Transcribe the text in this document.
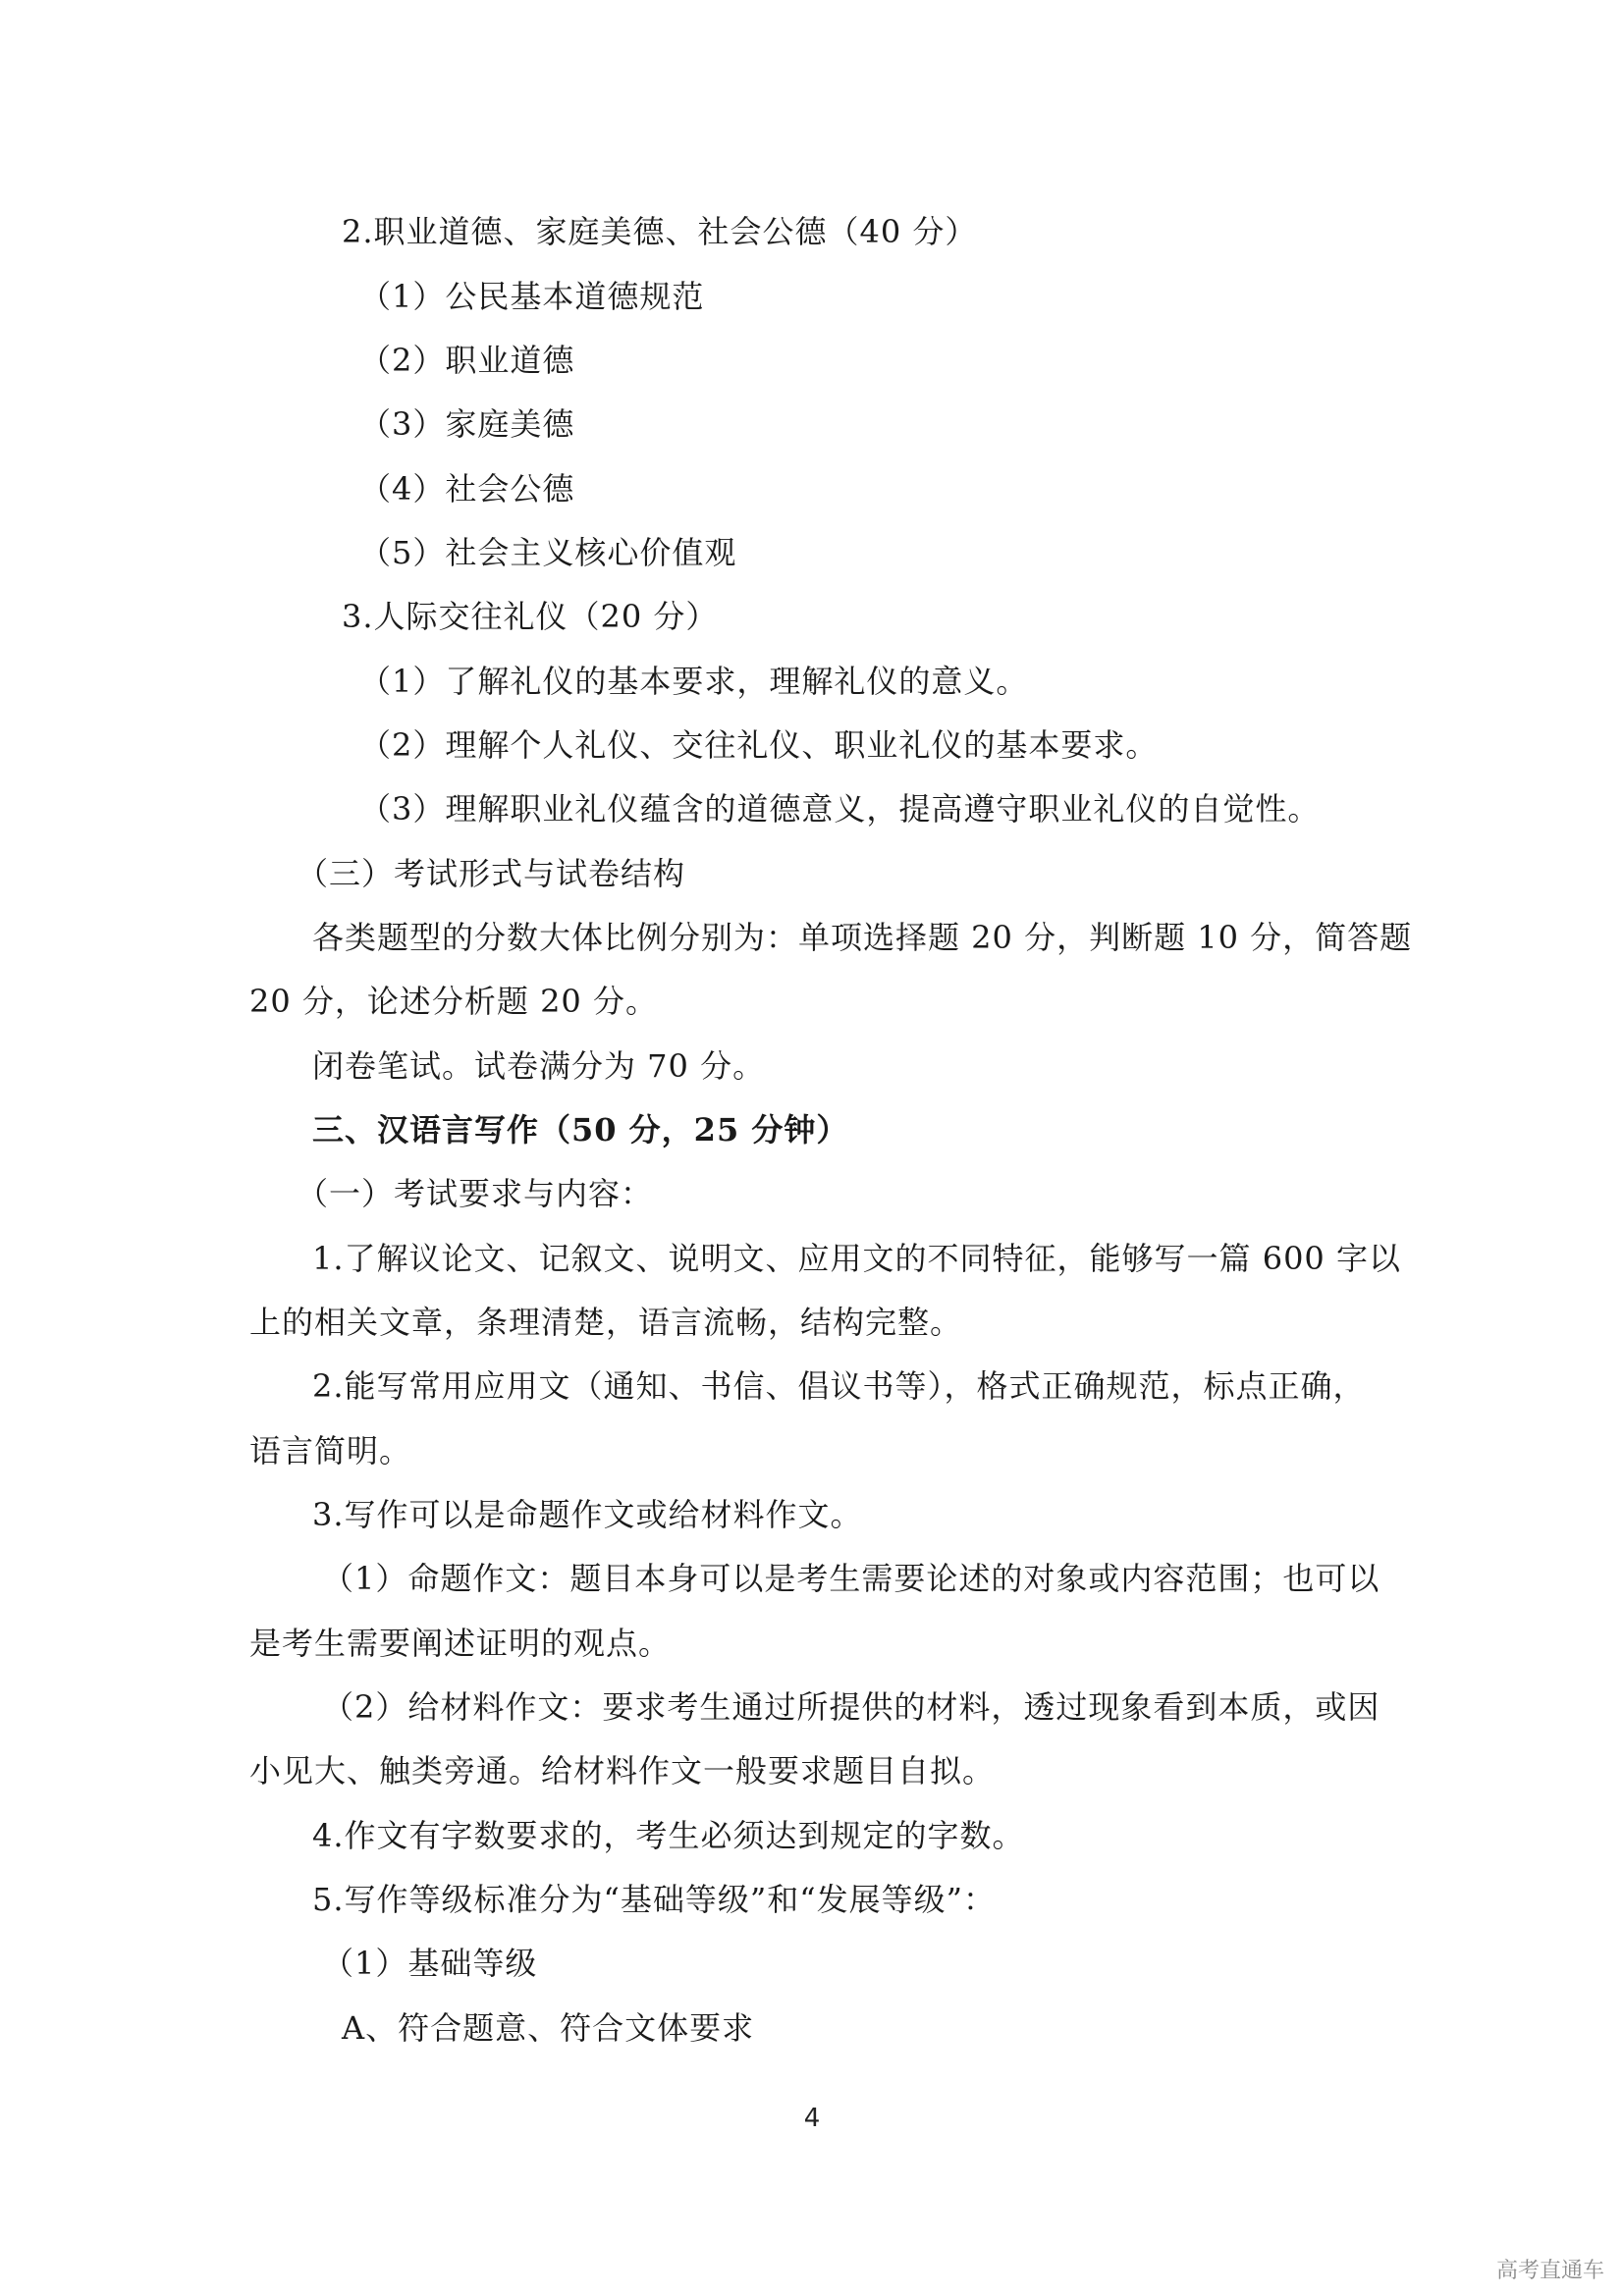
2.职业道德、家庭美德、社会公德（40 分）
（1）公民基本道德规范
（2）职业道德
（3）家庭美德
（4）社会公德
（5）社会主义核心价值观
3.人际交往礼仪（20 分）
（1）了解礼仪的基本要求，理解礼仪的意义。
（2）理解个人礼仪、交往礼仪、职业礼仪的基本要求。
（3）理解职业礼仪蕴含的道德意义，提高遵守职业礼仪的自觉性。
（三）考试形式与试卷结构
各类题型的分数大体比例分别为：单项选择题 20 分，判断题 10 分，简答题
20 分，论述分析题 20 分。
闭卷笔试。试卷满分为 70 分。
三、汉语言写作（50 分，25 分钟）
（一）考试要求与内容：
1.了解议论文、记叙文、说明文、应用文的不同特征，能够写一篇 600 字以
上的相关文章，条理清楚，语言流畅，结构完整。
2.能写常用应用文（通知、书信、倡议书等），格式正确规范，标点正确，
语言简明。
3.写作可以是命题作文或给材料作文。
（1）命题作文：题目本身可以是考生需要论述的对象或内容范围；也可以
是考生需要阐述证明的观点。
（2）给材料作文：要求考生通过所提供的材料，透过现象看到本质，或因
小见大、触类旁通。给材料作文一般要求题目自拟。
4.作文有字数要求的，考生必须达到规定的字数。
5.写作等级标准分为“基础等级”和“发展等级”：
（1）基础等级
A、符合题意、符合文体要求
4
高考直通车
